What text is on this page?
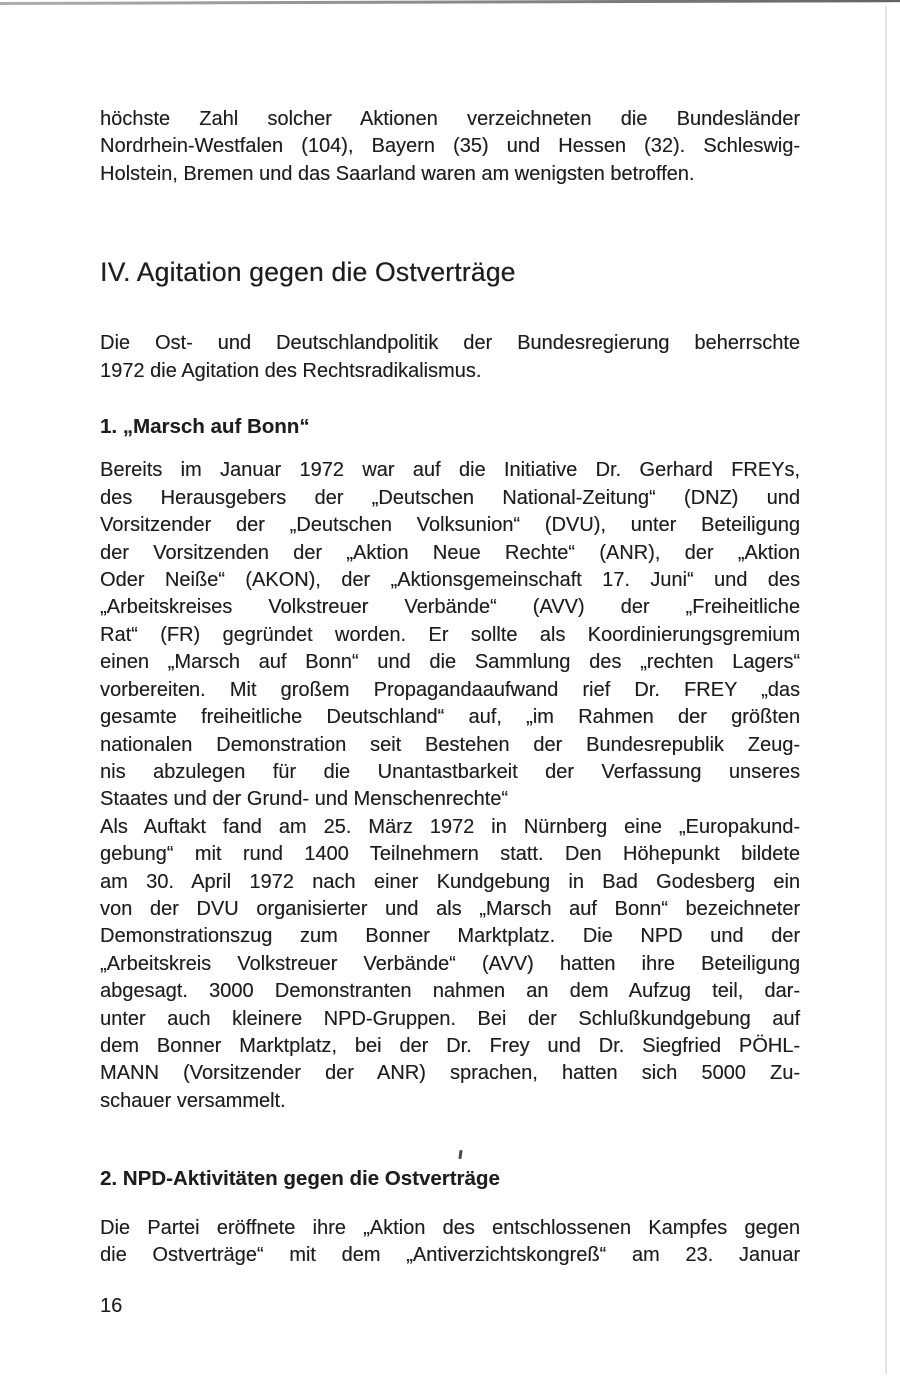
höchste Zahl solcher Aktionen verzeichneten die Bundesländer
Nordrhein-Westfalen (104), Bayern (35) und Hessen (32). Schleswig-
Holstein, Bremen und das Saarland waren am wenigsten betroffen.
IV. Agitation gegen die Ostverträge
Die Ost- und Deutschlandpolitik der Bundesregierung beherrschte
1972 die Agitation des Rechtsradikalismus.
1. „Marsch auf Bonn“
Bereits im Januar 1972 war auf die Initiative Dr. Gerhard FREYs,
des Herausgebers der „Deutschen National-Zeitung“ (DNZ) und
Vorsitzender der „Deutschen Volksunion“ (DVU), unter Beteiligung
der Vorsitzenden der „Aktion Neue Rechte“ (ANR), der „Aktion
Oder Neiße“ (AKON), der „Aktionsgemeinschaft 17. Juni“ und des
„Arbeitskreises Volkstreuer Verbände“ (AVV) der „Freiheitliche
Rat“ (FR) gegründet worden. Er sollte als Koordinierungsgremium
einen „Marsch auf Bonn“ und die Sammlung des „rechten Lagers“
vorbereiten. Mit großem Propagandaaufwand rief Dr. FREY „das
gesamte freiheitliche Deutschland“ auf, „im Rahmen der größten
nationalen Demonstration seit Bestehen der Bundesrepublik Zeug-
nis abzulegen für die Unantastbarkeit der Verfassung unseres
Staates und der Grund- und Menschenrechte“
Als Auftakt fand am 25. März 1972 in Nürnberg eine „Europakund-
gebung“ mit rund 1400 Teilnehmern statt. Den Höhepunkt bildete
am 30. April 1972 nach einer Kundgebung in Bad Godesberg ein
von der DVU organisierter und als „Marsch auf Bonn“ bezeichneter
Demonstrationszug zum Bonner Marktplatz. Die NPD und der
„Arbeitskreis Volkstreuer Verbände“ (AVV) hatten ihre Beteiligung
abgesagt. 3000 Demonstranten nahmen an dem Aufzug teil, dar-
unter auch kleinere NPD-Gruppen. Bei der Schlußkundgebung auf
dem Bonner Marktplatz, bei der Dr. Frey und Dr. Siegfried PÖHL-
MANN (Vorsitzender der ANR) sprachen, hatten sich 5000 Zu-
schauer versammelt.
2. NPD-Aktivitäten gegen die Ostverträge
Die Partei eröffnete ihre „Aktion des entschlossenen Kampfes gegen
die Ostverträge“ mit dem „Antiverzichtskongreß“ am 23. Januar
16
